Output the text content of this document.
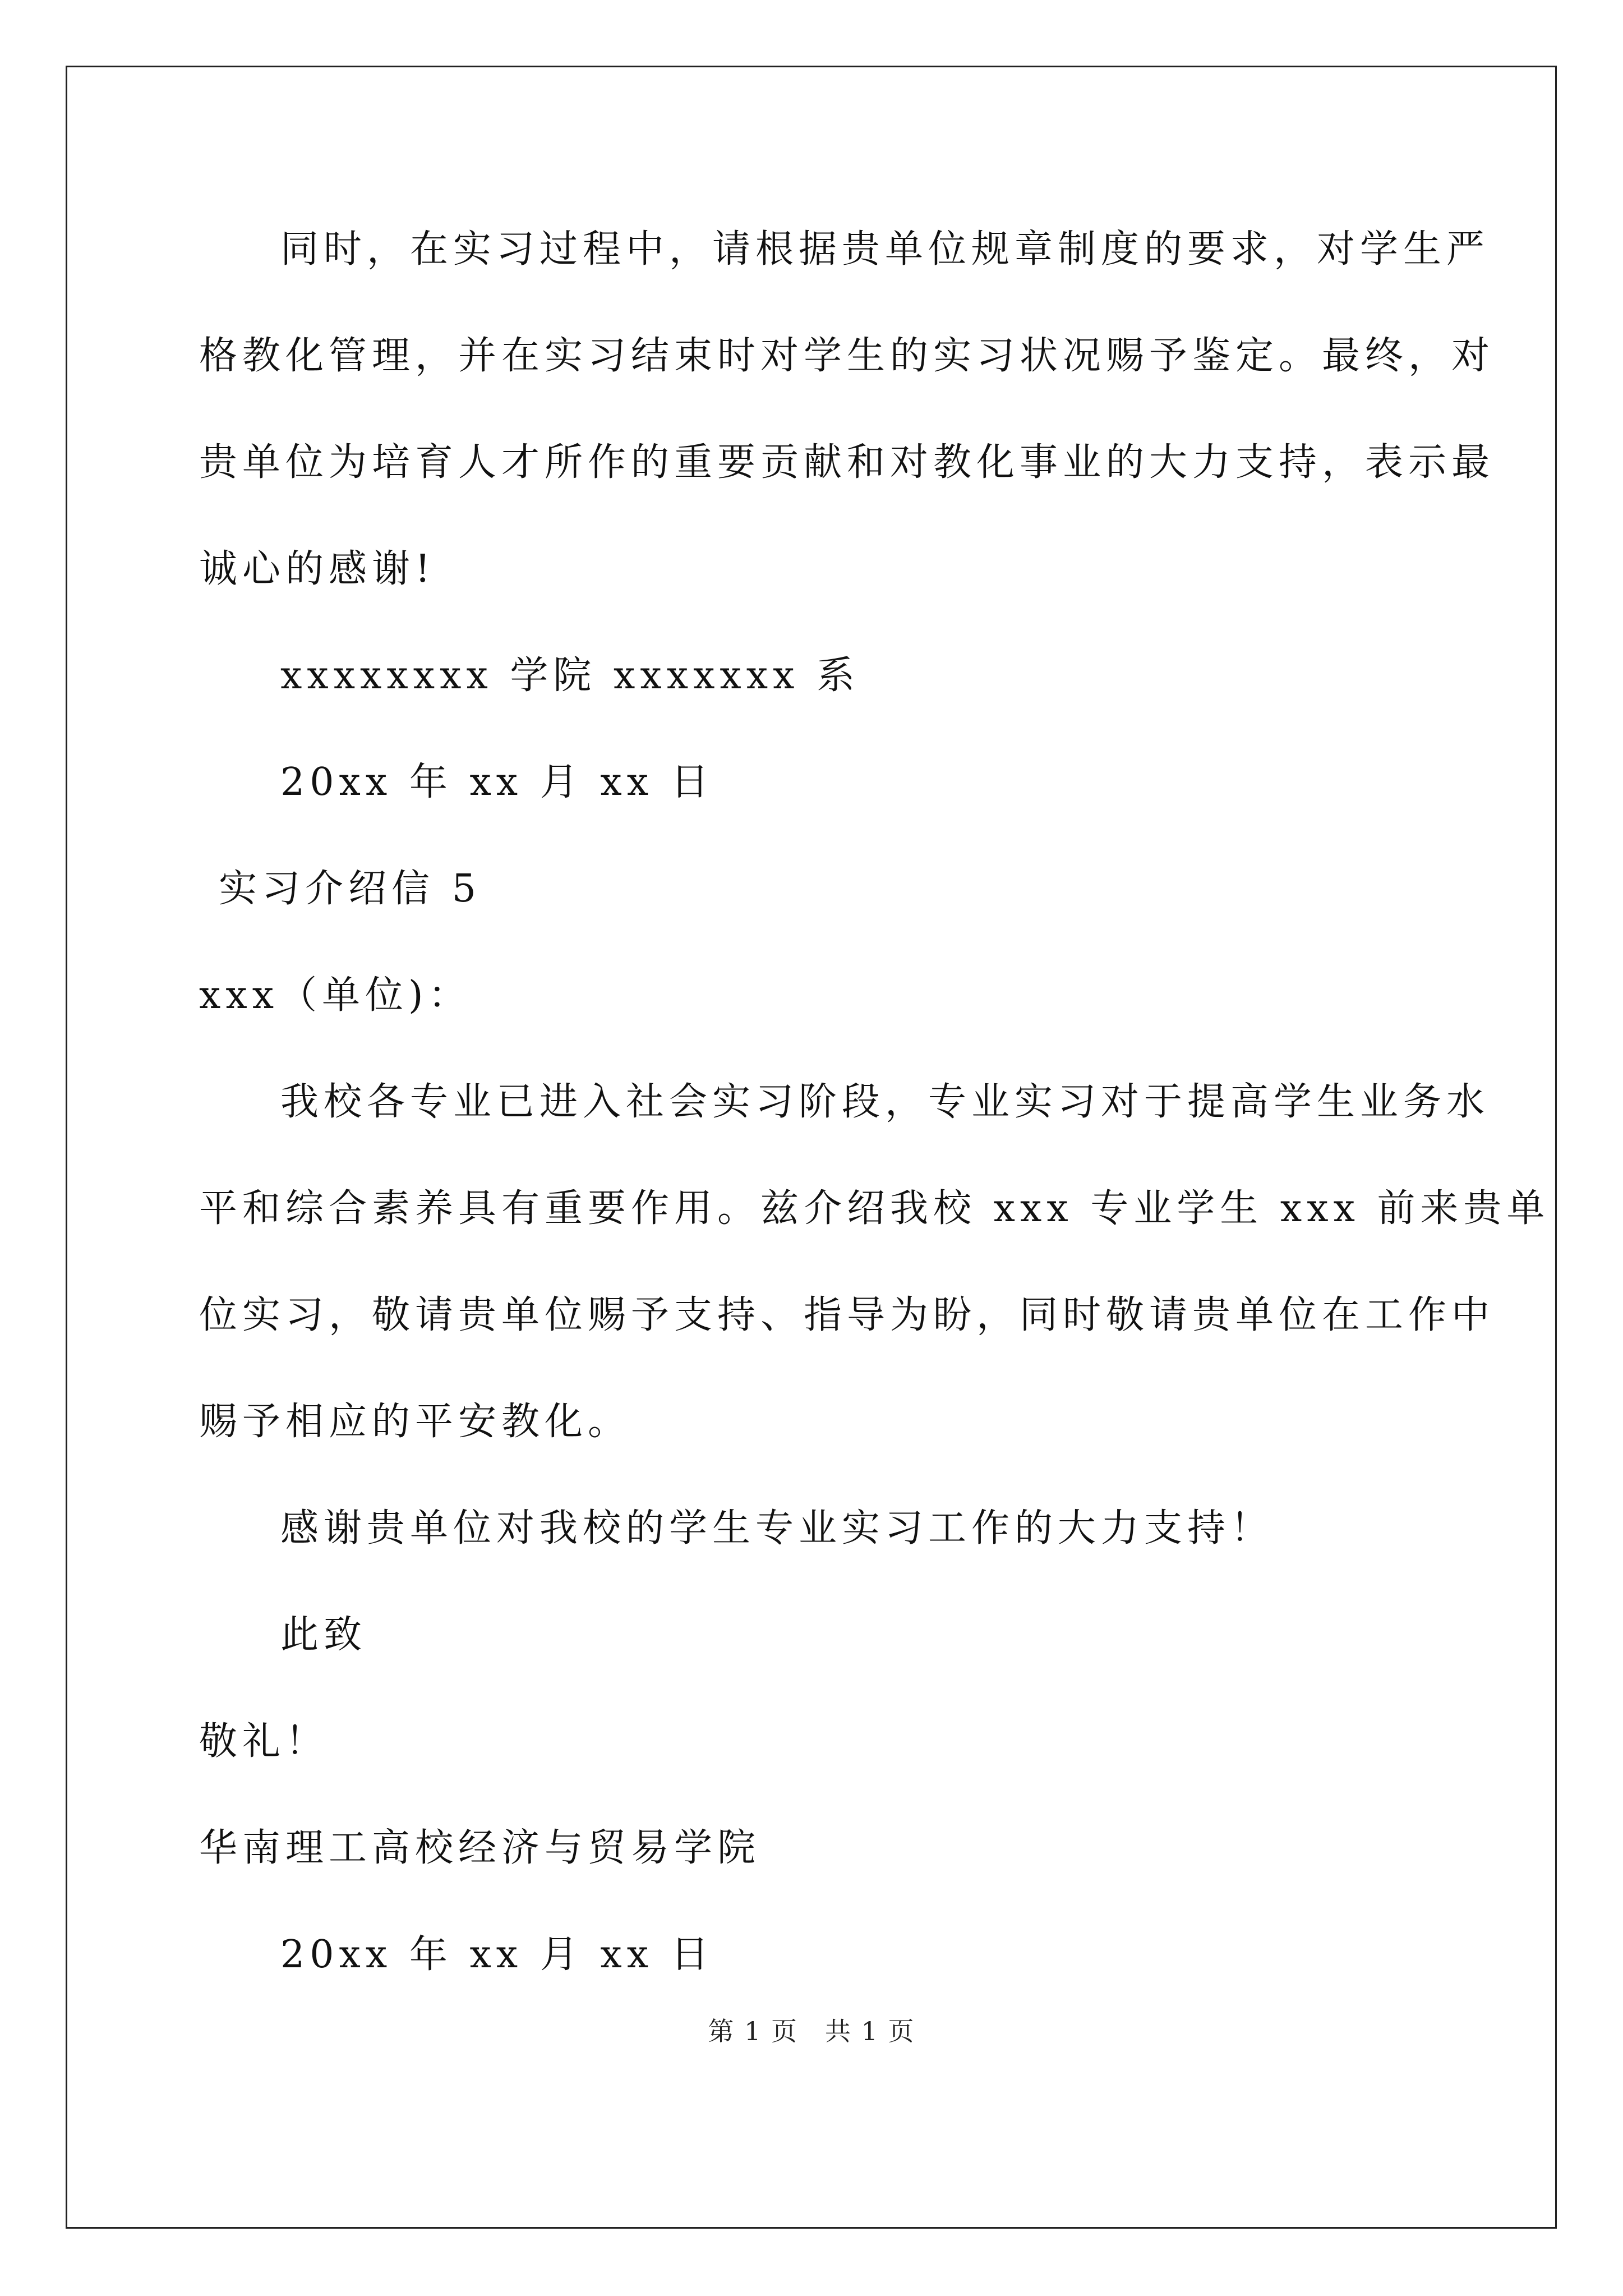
同时，在实习过程中，请根据贵单位规章制度的要求，对学生严
格教化管理，并在实习结束时对学生的实习状况赐予鉴定。最终，对
贵单位为培育人才所作的重要贡献和对教化事业的大力支持，表示最
诚心的感谢!
xxxxxxxx 学院 xxxxxxx 系
20xx 年 xx 月 xx 日
实习介绍信 5
xxx（单位)：
我校各专业已进入社会实习阶段，专业实习对于提高学生业务水
平和综合素养具有重要作用。兹介绍我校 xxx 专业学生 xxx 前来贵单
位实习，敬请贵单位赐予支持、指导为盼，同时敬请贵单位在工作中
赐予相应的平安教化。
感谢贵单位对我校的学生专业实习工作的大力支持！
此致
敬礼！
华南理工高校经济与贸易学院
20xx 年 xx 月 xx 日
第 1 页　共 1 页
